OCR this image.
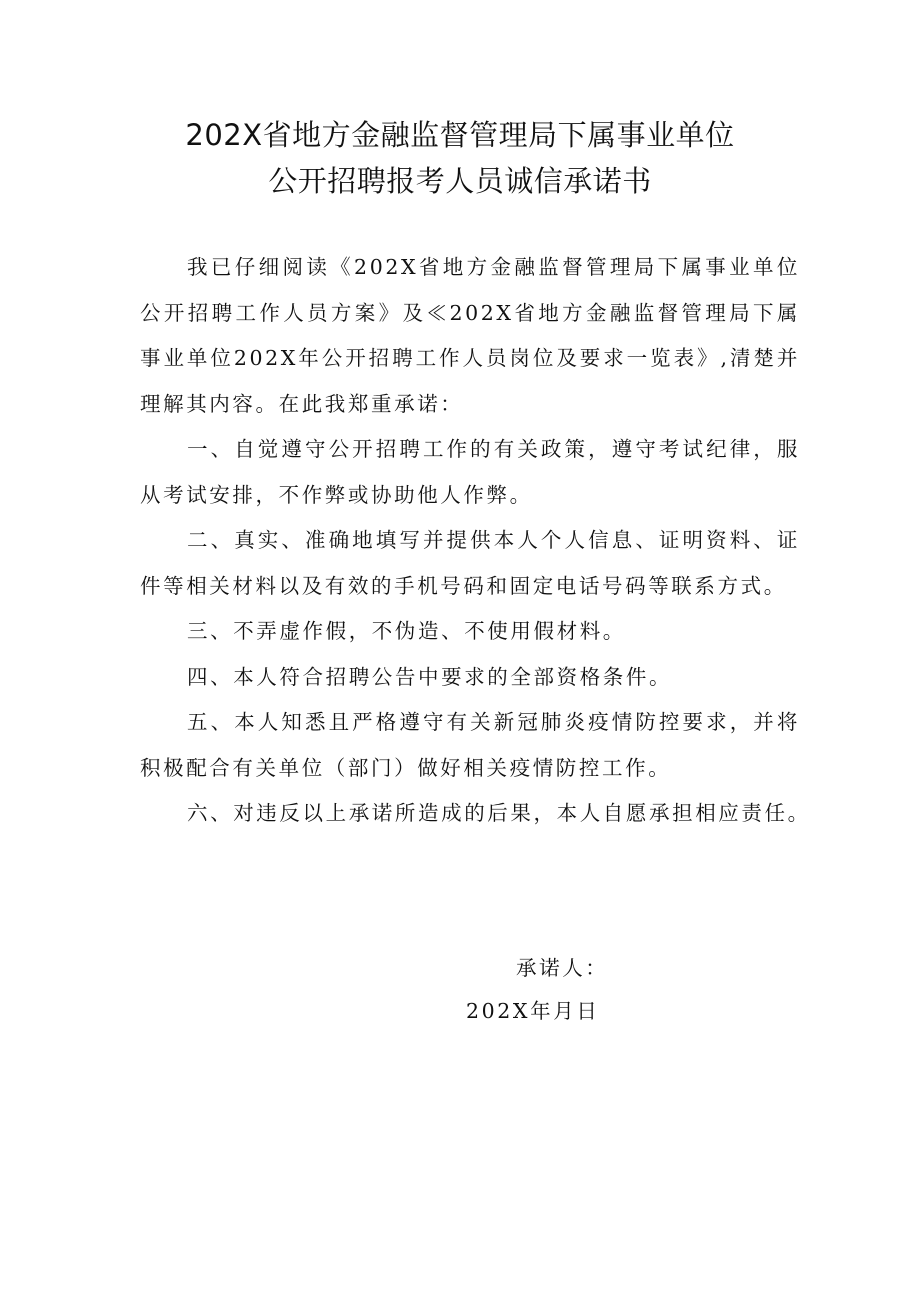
202X省地方金融监督管理局下属事业单位
公开招聘报考人员诚信承诺书

我已仔细阅读《202X省地方金融监督管理局下属事业单位公开招聘工作人员方案》及≪202X省地方金融监督管理局下属事业单位202X年公开招聘工作人员岗位及要求一览表》,清楚并理解其内容。在此我郑重承诺：

一、自觉遵守公开招聘工作的有关政策，遵守考试纪律，服从考试安排，不作弊或协助他人作弊。

二、真实、准确地填写并提供本人个人信息、证明资料、证件等相关材料以及有效的手机号码和固定电话号码等联系方式。

三、不弄虚作假，不伪造、不使用假材料。

四、本人符合招聘公告中要求的全部资格条件。

五、本人知悉且严格遵守有关新冠肺炎疫情防控要求，并将积极配合有关单位（部门）做好相关疫情防控工作。

六、对违反以上承诺所造成的后果，本人自愿承担相应责任。

承诺人：
202X年月日
